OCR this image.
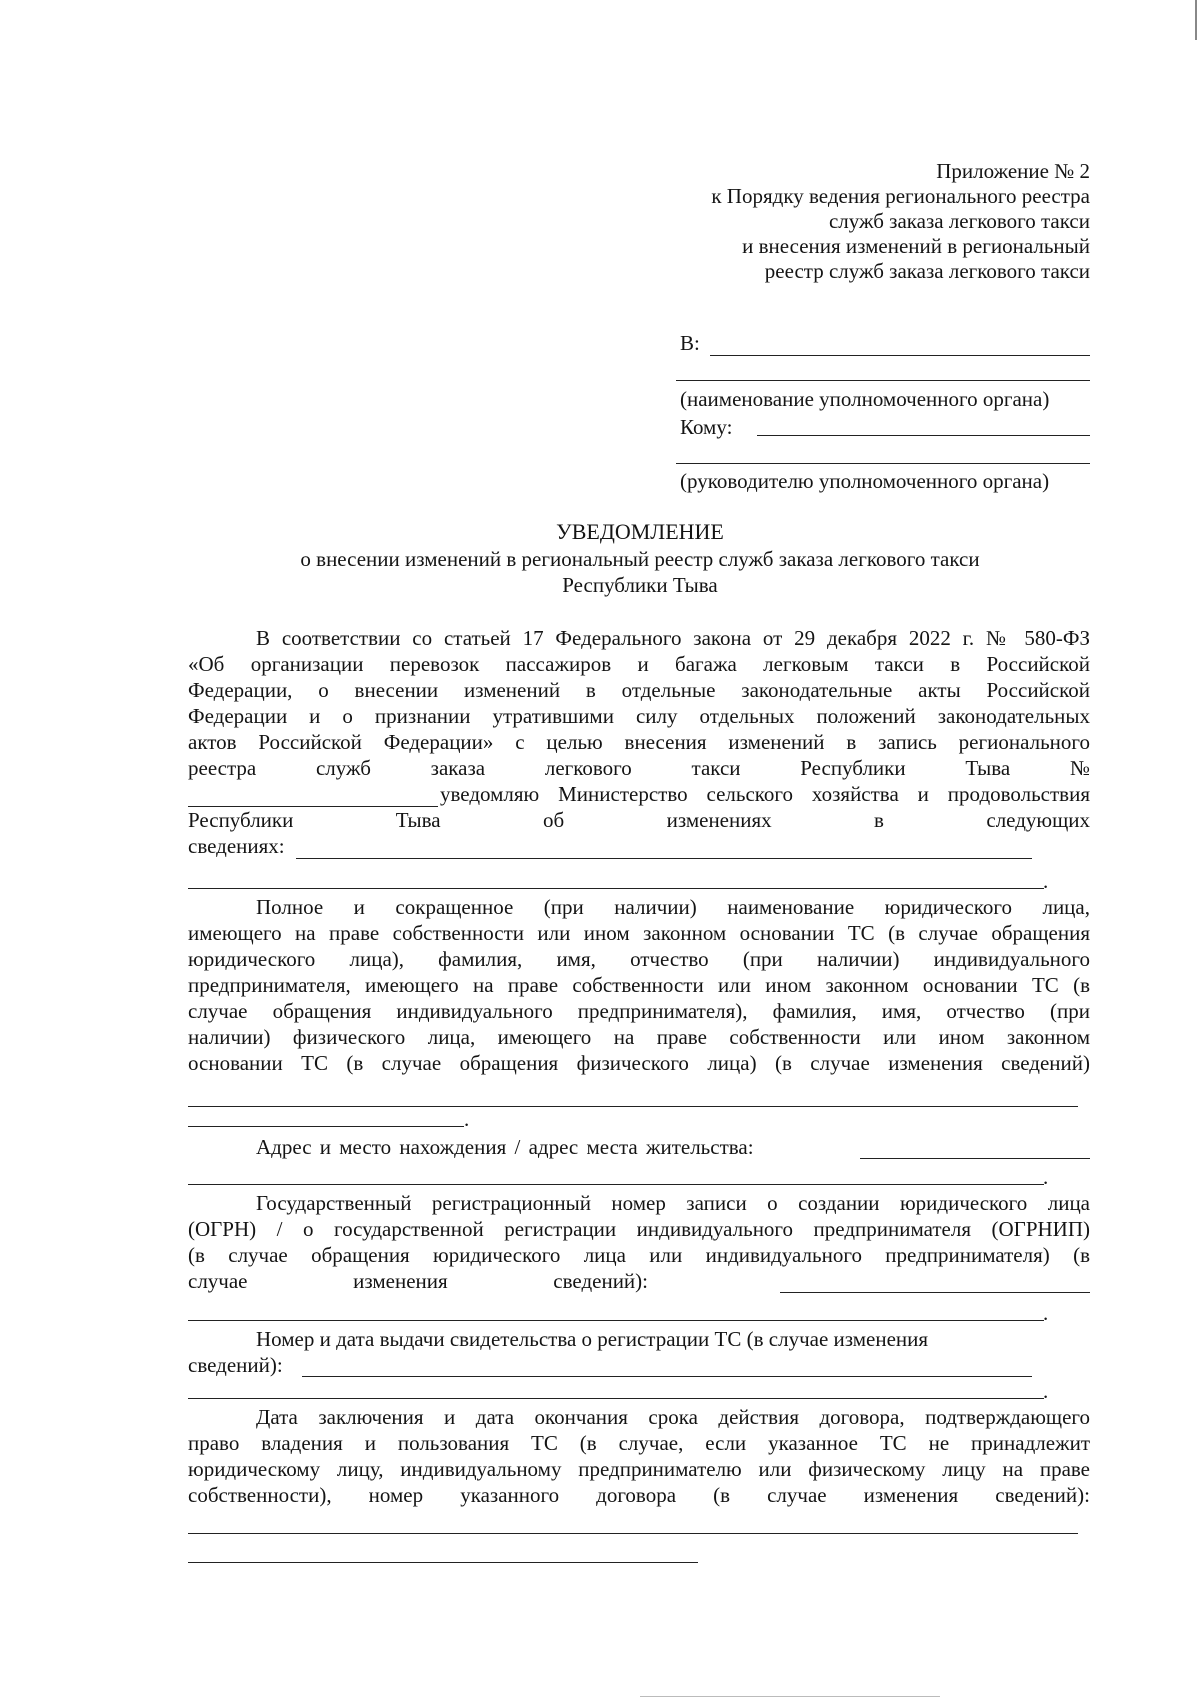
Приложение № 2
к Порядку ведения регионального реестра
служб заказа легкового такси
и внесения изменений в региональный
реестр служб заказа легкового такси
В:
(наименование уполномоченного органа)
Кому:
(руководителю уполномоченного органа)
УВЕДОМЛЕНИЕ
о внесении изменений в региональный реестр служб заказа легкового такси
Республики Тыва
В соответствии со статьей 17 Федерального закона от 29 декабря 2022 г. № 580-ФЗ
«Об организации перевозок пассажиров и багажа легковым такси в Российской
Федерации, о внесении изменений в отдельные законодательные акты Российской
Федерации и о признании утратившими силу отдельных положений законодательных
актов Российской Федерации» с целью внесения изменений в запись регионального
реестра служб заказа легкового такси Республики Тыва №
уведомляю Министерство сельского хозяйства и продовольствия
Республики Тыва об изменениях в следующих
сведениях:
.
Полное и сокращенное (при наличии) наименование юридического лица,
имеющего на праве собственности или ином законном основании ТС (в случае обращения
юридического лица), фамилия, имя, отчество (при наличии) индивидуального
предпринимателя, имеющего на праве собственности или ином законном основании ТС (в
случае обращения индивидуального предпринимателя), фамилия, имя, отчество (при
наличии) физического лица, имеющего на праве собственности или ином законном
основании ТС (в случае обращения физического лица) (в случае изменения сведений)
.
Адрес и место нахождения / адрес места жительства:
.
Государственный регистрационный номер записи о создании юридического лица
(ОГРН) / о государственной регистрации индивидуального предпринимателя (ОГРНИП)
(в случае обращения юридического лица или индивидуального предпринимателя) (в
случае изменения сведений):
.
Номер и дата выдачи свидетельства о регистрации ТС (в случае изменения
сведений):
.
Дата заключения и дата окончания срока действия договора, подтверждающего
право владения и пользования ТС (в случае, если указанное ТС не принадлежит
юридическому лицу, индивидуальному предпринимателю или физическому лицу на праве
собственности), номер указанного договора (в случае изменения сведений):
